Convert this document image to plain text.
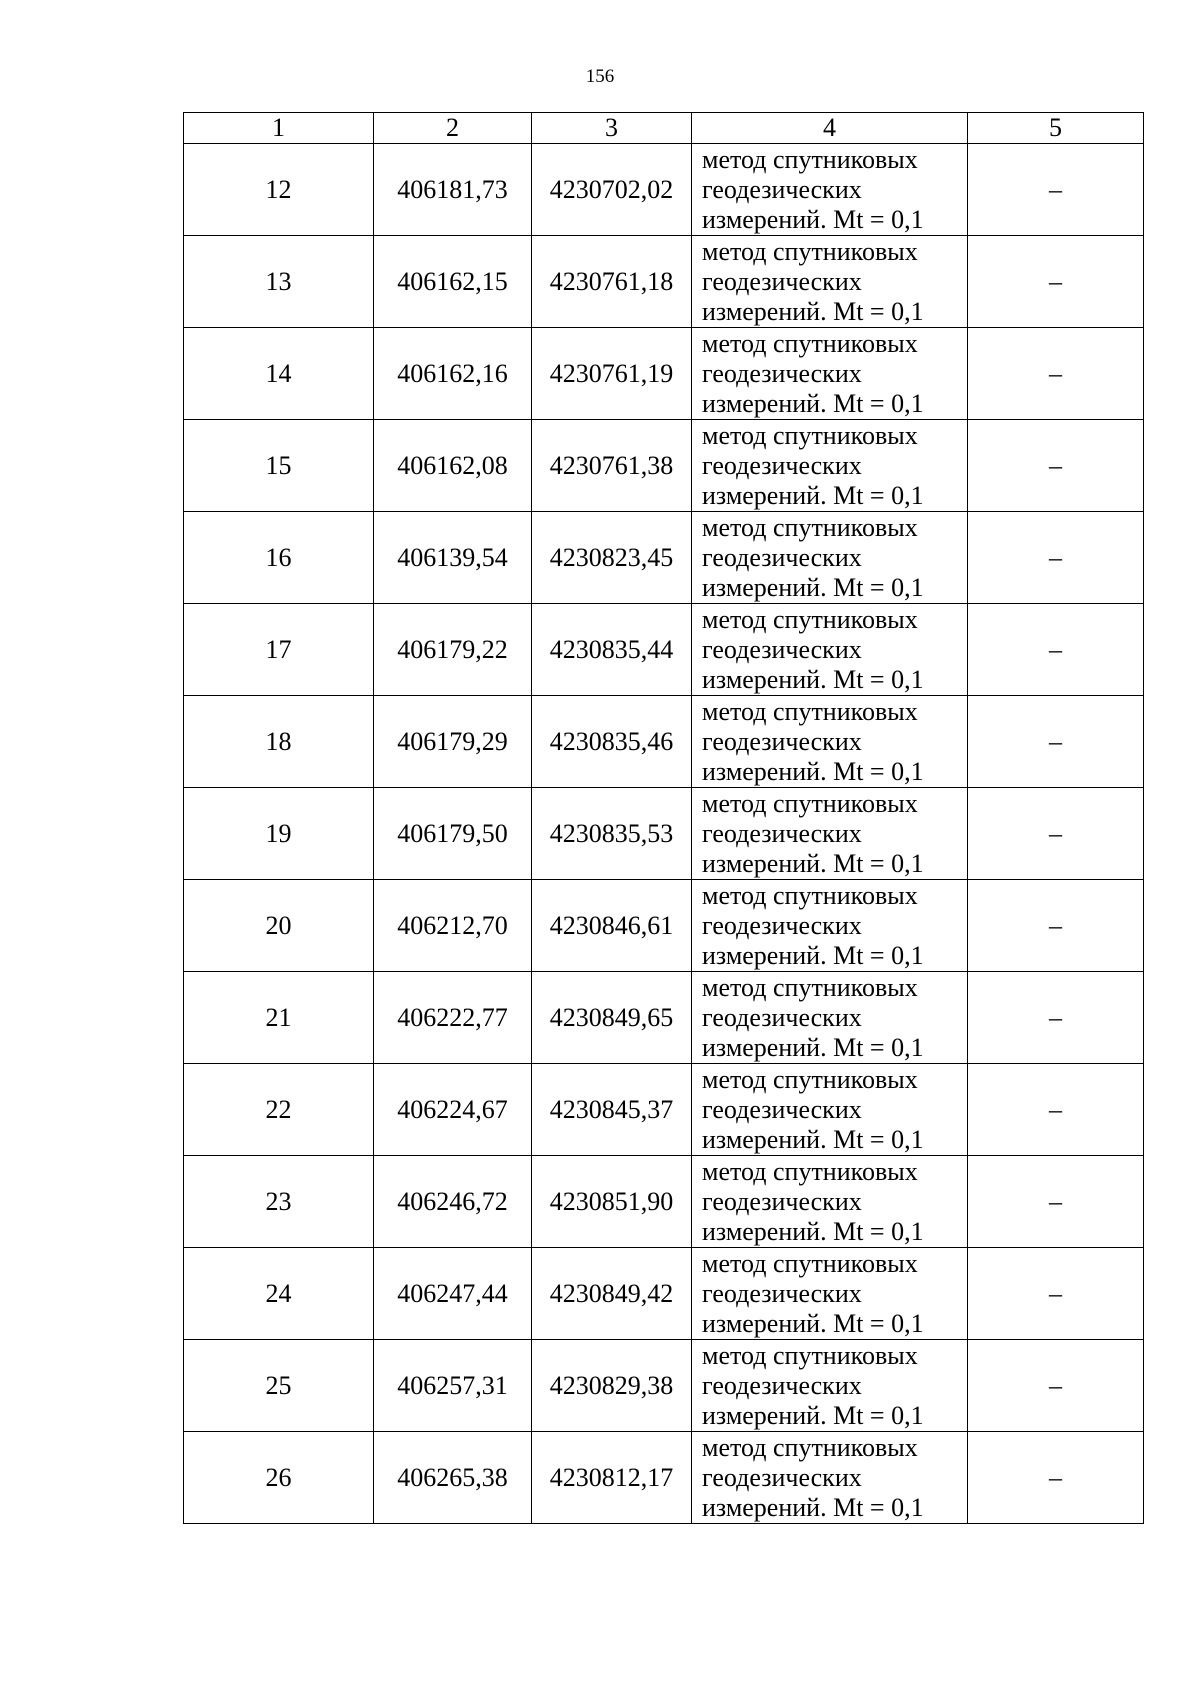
156
1	2	3	4	5
12	406181,73	4230702,02	метод спутниковых
геодезических
измерений. Mt = 0,1	–
13	406162,15	4230761,18	метод спутниковых
геодезических
измерений. Mt = 0,1	–
14	406162,16	4230761,19	метод спутниковых
геодезических
измерений. Mt = 0,1	–
15	406162,08	4230761,38	метод спутниковых
геодезических
измерений. Mt = 0,1	–
16	406139,54	4230823,45	метод спутниковых
геодезических
измерений. Mt = 0,1	–
17	406179,22	4230835,44	метод спутниковых
геодезических
измерений. Mt = 0,1	–
18	406179,29	4230835,46	метод спутниковых
геодезических
измерений. Mt = 0,1	–
19	406179,50	4230835,53	метод спутниковых
геодезических
измерений. Mt = 0,1	–
20	406212,70	4230846,61	метод спутниковых
геодезических
измерений. Mt = 0,1	–
21	406222,77	4230849,65	метод спутниковых
геодезических
измерений. Mt = 0,1	–
22	406224,67	4230845,37	метод спутниковых
геодезических
измерений. Mt = 0,1	–
23	406246,72	4230851,90	метод спутниковых
геодезических
измерений. Mt = 0,1	–
24	406247,44	4230849,42	метод спутниковых
геодезических
измерений. Mt = 0,1	–
25	406257,31	4230829,38	метод спутниковых
геодезических
измерений. Mt = 0,1	–
26	406265,38	4230812,17	метод спутниковых
геодезических
измерений. Mt = 0,1	–
